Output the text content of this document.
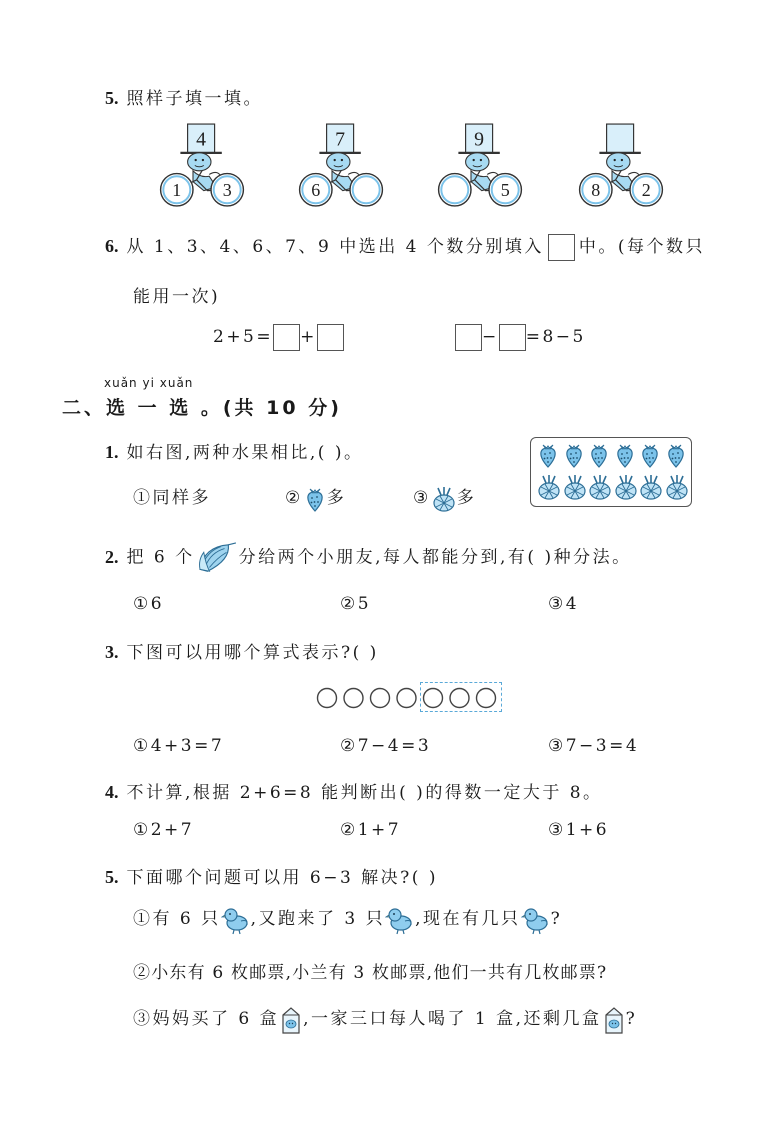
5. 照样子填一填。
4
1 3
7
6
9
5	8 2
6. 从 1、3、4、6、7、9 中选出 4 个数分别填入 中。(每个数只
能用一次)
2+5= +	− =8−5
xuǎn yi xuǎn
二、选 一 选 。(共 10 分)
1. 如右图,两种水果相比,( )。
①同样多	② 多	③ 多
2. 把 6 个	分给两个小朋友,每人都能分到,有( )种分法。
①6	②5	③4
3. 下图可以用哪个算式表示?( )
①4+3=7	②7−4=3	③7−3=4
4. 不计算,根据 2+6=8 能判断出( )的得数一定大于 8。
①2+7	②1+7	③1+6
5. 下面哪个问题可以用 6−3 解决?( )
①有 6 只 ,又跑来了 3 只 ,现在有几只 ?
②小东有 6 枚邮票,小兰有 3 枚邮票,他们一共有几枚邮票?
③妈妈买了 6 盒 ,一家三口每人喝了 1 盒,还剩几盒 ?
